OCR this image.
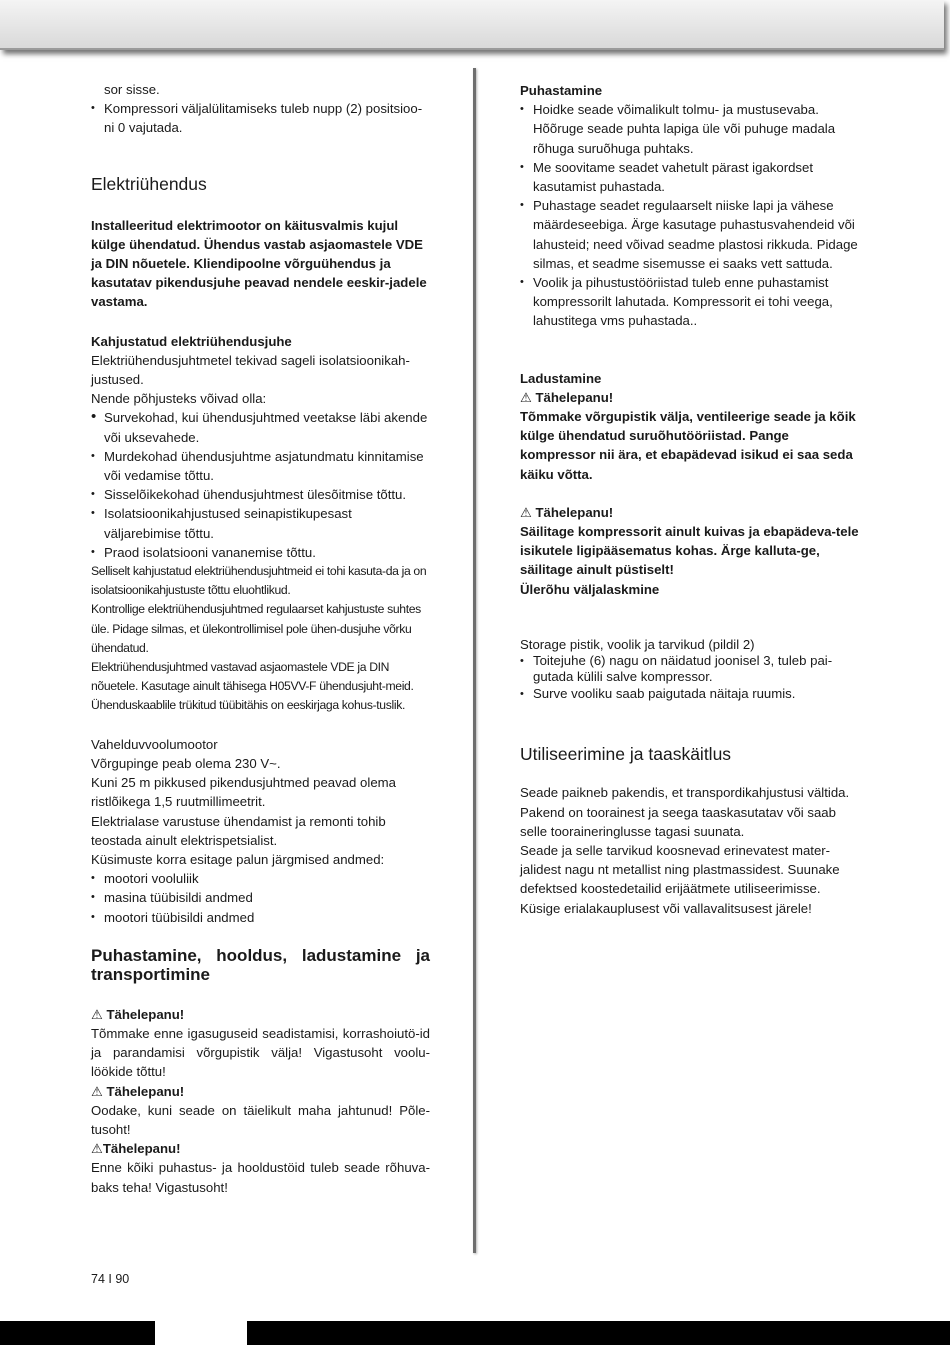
sor sisse.

• Kompressori väljalülitamiseks tuleb nupp (2) positsioo-ni 0 vajutada.
Elektriühendus

Installeeritud elektrimootor on käitusvalmis kujul külge ühendatud. Ühendus vastab asjaomastele VDE ja DIN nõuetele. Kliendipoolne võrguühendus ja kasutatav pikendusjuhe peavad nendele eeskir-jadele vastama.

Kahjustatud elektriühendusjuhe

Elektriühendusjuhtmetel tekivad sageli isolatsioonikah-justused.

Nende põhjusteks võivad olla:

• Survekohad, kui ühendusjuhtmed veetakse läbi akende või uksevahede.
• Murdekohad ühendusjuhtme asjatundmatu kinnitamise või vedamise tõttu.
• Sisselõikekohad ühendusjuhtmest ülesõitmise tõttu.
• Isolatsioonikahjustused seinapistikupesast väljarebimise tõttu.
• Praod isolatsiooni vananemise tõttu.

Selliselt kahjustatud elektriühendusjuhtmeid ei tohi kasuta-da ja on isolatsioonikahjustuste tõttu eluohtlikud.

Kontrollige elektriühendusjuhtmed regulaarset kahjustuste suhtes üle. Pidage silmas, et ülekontrollimisel pole ühen-dusjuhe võrku ühendatud.

Elektriühendusjuhtmed vastavad asjaomastele VDE ja DIN nõuetele. Kasutage ainult tähisega H05VV-F ühendusjuht-meid.

Ühenduskaablile trükitud tüübitähis on eeskirjaga kohus-tuslik.

Vahelduvvoolumootor

Võrgupinge peab olema 230 V~.

Kuni 25 m pikkused pikendusjuhtmed peavad olema ristlõikega 1,5 ruutmillimeetrit.

Elektrialase varustuse ühendamist ja remonti tohib teostada ainult elektrispetsialist.

Küsimuste korra esitage palun järgmised andmed:

• mootori vooluliik
• masina tüübisildi andmed
• mootori tüübisildi andmed
Puhastamine, hooldus, ladustamine ja transportimine

⚠ Tähelepanu!

Tõmmake enne igasuguseid seadistamisi, korrashoiutö-id ja parandamisi võrgupistik välja! Vigastusoht voolu-löökide tõttu!

⚠ Tähelepanu!

Oodake, kuni seade on täielikult maha jahtunud! Põle-tusoht!

⚠Tähelepanu!

Enne kõiki puhastus- ja hooldustöid tuleb seade rõhuva-baks teha! Vigastusoht!

Puhastamine

• Hoidke seade võimalikult tolmu- ja mustusevaba. Hõõruge seade puhta lapiga üle või puhuge madala rõhuga suruõhuga puhtaks.
• Me soovitame seadet vahetult pärast igakordset kasutamist puhastada.
• Puhastage seadet regulaarselt niiske lapi ja vähese määrdeseebiga. Ärge kasutage puhastusvahendeid või lahusteid; need võivad seadme plastosi rikkuda. Pidage silmas, et seadme sisemusse ei saaks vett sattuda.
• Voolik ja pihustustööriistad tuleb enne puhastamist kompressorilt lahutada. Kompressorit ei tohi veega, lahustitega vms puhastada..

Ladustamine

⚠ Tähelepanu!

Tõmmake võrgupistik välja, ventileerige seade ja kõik külge ühendatud suruõhutööriistad. Pange kompressor nii ära, et ebapädevad isikud ei saa seda käiku võtta.

⚠ Tähelepanu!

Säilitage kompressorit ainult kuivas ja ebapädeva-tele isikutele ligipääsematus kohas. Ärge kalluta-ge, säilitage ainult püstiselt!

Ülerõhu väljalaskmine

Storage pistik, voolik ja tarvikud (pildil 2)

• Toitejuhe (6) nagu on näidatud joonisel 3, tuleb pai-gutada külili salve kompressor.
• Surve vooliku saab paigutada näitaja ruumis.
Utiliseerimine ja taaskäitlus

Seade paikneb pakendis, et transpordikahjustusi vältida. Pakend on toorainest ja seega taaskasutatav või saab selle tooraineringlusse tagasi suunata.

Seade ja selle tarvikud koosnevad erinevatest mater-jalidest nagu nt metallist ning plastmassidest. Suunake defektsed koostedetailid erijäätmete utiliseerimisse. Küsige erialakauplusest või vallavalitsusest järele!

74 I 90
